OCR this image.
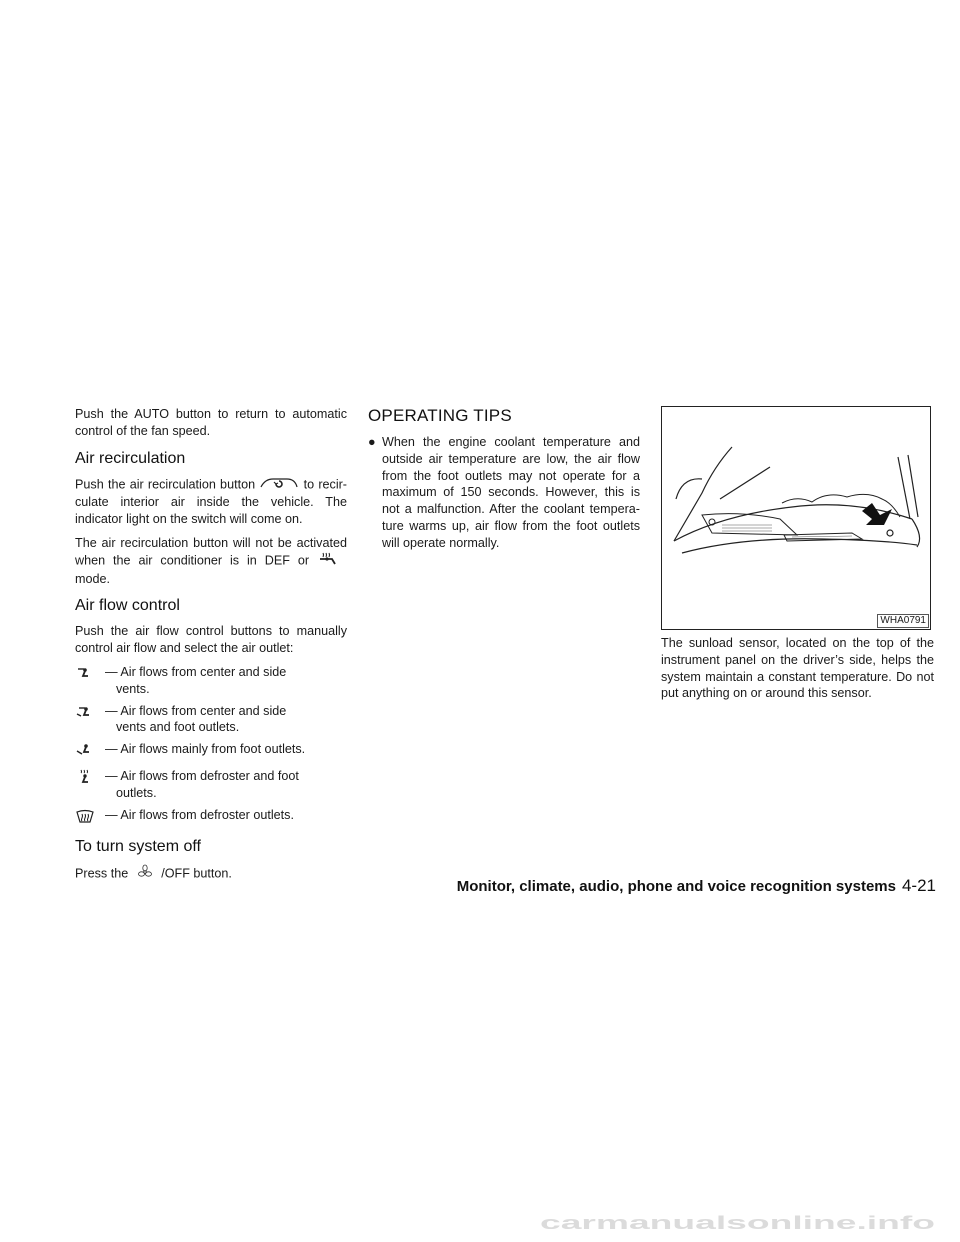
Push the AUTO button to return to automatic control of the fan speed.

Air recirculation

Push the air recirculation button	to recir-culate interior air inside the vehicle. The indicator light on the switch will come on.

The air recirculation button will not be activated when the air conditioner is in DEF or  mode.

Air flow control

Push the air flow control buttons to manually control air flow and select the air outlet:

— Air flows from center and side
vents.
— Air flows from center and side
vents and foot outlets.
— Air flows mainly from foot outlets.
— Air flows from defroster and foot
outlets.
— Air flows from defroster outlets.
To turn system off

Press the	/OFF button.

OPERATING TIPS
● When the engine coolant temperature and outside air temperature are low, the air flow from the foot outlets may not operate for a maximum of 150 seconds. However, this is not a malfunction. After the coolant tempera-ture warms up, air flow from the foot outlets will operate normally.
WHA0791

The sunload sensor, located on the top of the instrument panel on the driver’s side, helps the system maintain a constant temperature. Do not put anything on or around this sensor.

Monitor, climate, audio, phone and voice recognition systems 4-21
carmanualsonline.info
